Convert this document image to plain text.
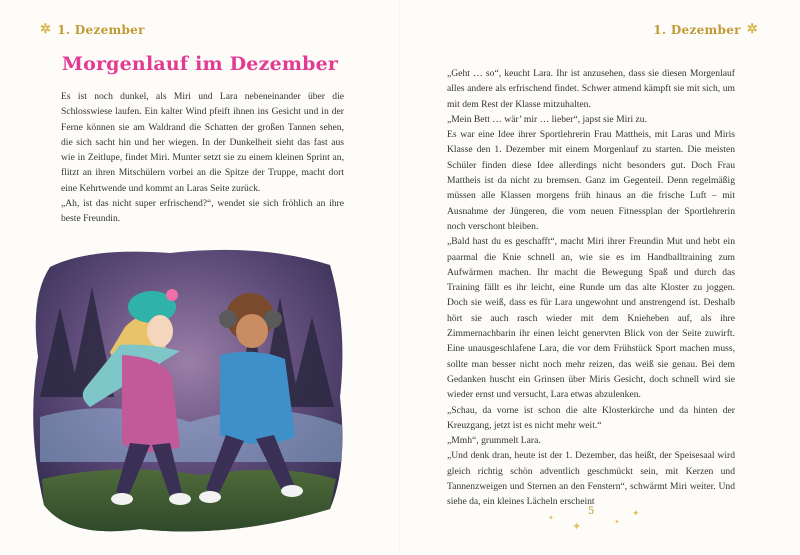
✲ 1. Dezember
Morgenlauf im Dezember

Es ist noch dunkel, als Miri und Lara nebeneinander über die Schlosswiese laufen. Ein kalter Wind pfeift ihnen ins Gesicht und in der Ferne können sie am Waldrand die Schatten der großen Tannen sehen, die sich sacht hin und her wiegen. In der Dunkelheit sieht das fast aus wie in Zeitlupe, findet Miri. Munter setzt sie zu einem kleinen Sprint an, flitzt an ihren Mitschülern vorbei an die Spitze der Truppe, macht dort eine Kehrtwende und kommt an Laras Seite zurück.

„Ah, ist das nicht super erfrischend?“, wendet sie sich fröhlich an ihre beste Freundin.

1. Dezember ✲

„Geht … so“, keucht Lara. Ihr ist anzusehen, dass sie diesen Morgenlauf alles andere als erfrischend findet. Schwer atmend kämpft sie mit sich, um mit dem Rest der Klasse mitzuhalten.

„Mein Bett … wär’ mir … lieber“, japst sie Miri zu.

Es war eine Idee ihrer Sportlehrerin Frau Mattheis, mit Laras und Miris Klasse den 1. Dezember mit einem Morgenlauf zu starten. Die meisten Schüler finden diese Idee allerdings nicht besonders gut. Doch Frau Mattheis ist da nicht zu bremsen. Ganz im Gegenteil. Denn regelmäßig müssen alle Klassen morgens früh hinaus an die frische Luft – mit Ausnahme der Jüngeren, die vom neuen Fitnessplan der Sportlehrerin noch verschont bleiben.

„Bald hast du es geschafft“, macht Miri ihrer Freundin Mut und hebt ein paarmal die Knie schnell an, wie sie es im Handballtraining zum Aufwärmen machen. Ihr macht die Bewegung Spaß und durch das Training fällt es ihr leicht, eine Runde um das alte Kloster zu joggen. Doch sie weiß, dass es für Lara ungewohnt und anstrengend ist. Deshalb hört sie auch rasch wieder mit dem Knieheben auf, als ihre Zimmernachbarin ihr einen leicht genervten Blick von der Seite zuwirft. Eine unausgeschlafene Lara, die vor dem Frühstück Sport machen muss, sollte man besser nicht noch mehr reizen, das weiß sie genau. Bei dem Gedanken huscht ein Grinsen über Miris Gesicht, doch schnell wird sie wieder ernst und versucht, Lara etwas abzulenken.

„Schau, da vorne ist schon die alte Klosterkirche und da hinten der Kreuzgang, jetzt ist es nicht mehr weit.“

„Mmh“, grummelt Lara.

„Und denk dran, heute ist der 1. Dezember, das heißt, der Speisesaal wird gleich richtig schön adventlich geschmückt sein, mit Kerzen und Tannenzweigen und Sternen an den Fenstern“, schwärmt Miri weiter. Und siehe da, ein kleines Lächeln erscheint

5
✦
✦	✦
✦
